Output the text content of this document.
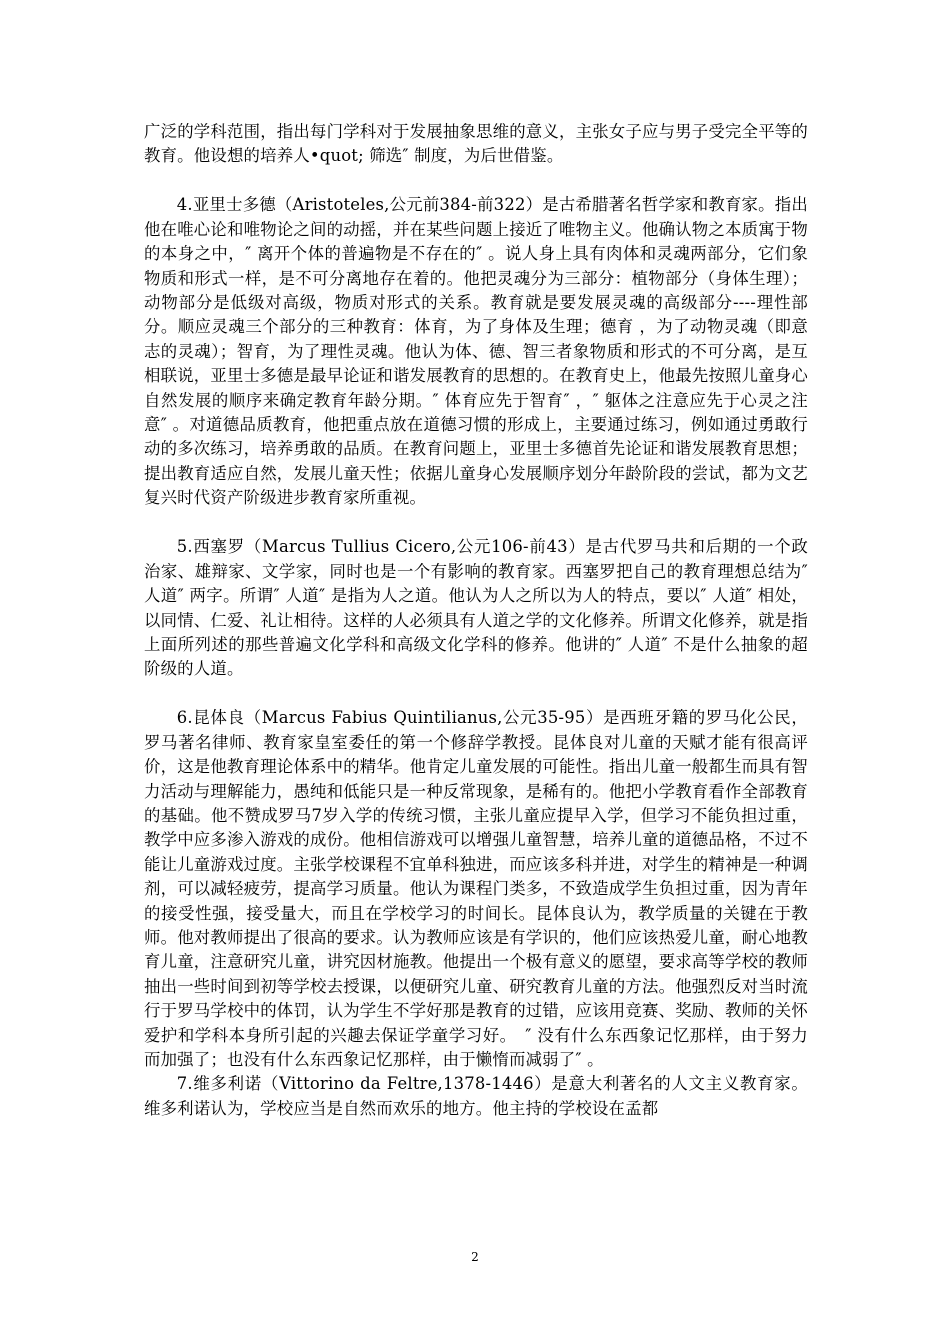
广泛的学科范围，指出每门学科对于发展抽象思维的意义，主张女子应与男子受完全平等的教育。他设想的培养人•quot; 筛选″ 制度，为后世借鉴。

4.亚里士多德（Aristoteles,公元前384-前322）是古希腊著名哲学家和教育家。指出他在唯心论和唯物论之间的动摇，并在某些问题上接近了唯物主义。他确认物之本质寓于物的本身之中，″ 离开个体的普遍物是不存在的″ 。说人身上具有肉体和灵魂两部分，它们象物质和形式一样，是不可分离地存在着的。他把灵魂分为三部分：植物部分（身体生理）；动物部分是低级对高级，物质对形式的关系。教育就是要发展灵魂的高级部分----理性部分。顺应灵魂三个部分的三种教育：体育，为了身体及生理；德育 ，为了动物灵魂（即意志的灵魂）；智育，为了理性灵魂。他认为体、德、智三者象物质和形式的不可分离，是互相联说，亚里士多德是最早论证和谐发展教育的思想的。在教育史上，他最先按照儿童身心自然发展的顺序来确定教育年龄分期。″ 体育应先于智育″ ，″ 躯体之注意应先于心灵之注意″ 。对道德品质教育，他把重点放在道德习惯的形成上，主要通过练习，例如通过勇敢行动的多次练习，培养勇敢的品质。在教育问题上，亚里士多德首先论证和谐发展教育思想；提出教育适应自然，发展儿童天性；依据儿童身心发展顺序划分年龄阶段的尝试，都为文艺复兴时代资产阶级进步教育家所重视。

5.西塞罗（Marcus Tullius Cicero,公元106-前43）是古代罗马共和后期的一个政治家、雄辩家、文学家，同时也是一个有影响的教育家。西塞罗把自己的教育理想总结为″ 人道″ 两字。所谓″ 人道″ 是指为人之道。他认为人之所以为人的特点，要以″ 人道″ 相处，以同情、仁爱、礼让相待。这样的人必须具有人道之学的文化修养。所谓文化修养，就是指上面所列述的那些普遍文化学科和高级文化学科的修养。他讲的″ 人道″ 不是什么抽象的超阶级的人道。

6.昆体良（Marcus Fabius Quintilianus,公元35-95）是西班牙籍的罗马化公民，罗马著名律师、教育家皇室委任的第一个修辞学教授。昆体良对儿童的天赋才能有很高评价，这是他教育理论体系中的精华。他肯定儿童发展的可能性。指出儿童一般都生而具有智力活动与理解能力，愚纯和低能只是一种反常现象，是稀有的。他把小学教育看作全部教育的基础。他不赞成罗马7岁入学的传统习惯，主张儿童应提早入学，但学习不能负担过重，教学中应多渗入游戏的成份。他相信游戏可以增强儿童智慧，培养儿童的道德品格，不过不能让儿童游戏过度。主张学校课程不宜单科独进，而应该多科并进，对学生的精神是一种调剂，可以减轻疲劳，提高学习质量。他认为课程门类多，不致造成学生负担过重，因为青年的接受性强，接受量大，而且在学校学习的时间长。昆体良认为，教学质量的关键在于教师。他对教师提出了很高的要求。认为教师应该是有学识的，他们应该热爱儿童，耐心地教育儿童，注意研究儿童，讲究因材施教。他提出一个极有意义的愿望，要求高等学校的教师抽出一些时间到初等学校去授课，以便研究儿童、研究教育儿童的方法。他强烈反对当时流行于罗马学校中的体罚，认为学生不学好那是教育的过错，应该用竞赛、奖励、教师的关怀爱护和学科本身所引起的兴趣去保证学童学习好。　″ 没有什么东西象记忆那样，由于努力而加强了；也没有什么东西象记忆那样，由于懒惰而减弱了″ 。

7.维多利诺（Vittorino da Feltre,1378-1446）是意大利著名的人文主义教育家。维多利诺认为，学校应当是自然而欢乐的地方。他主持的学校设在孟都

2
